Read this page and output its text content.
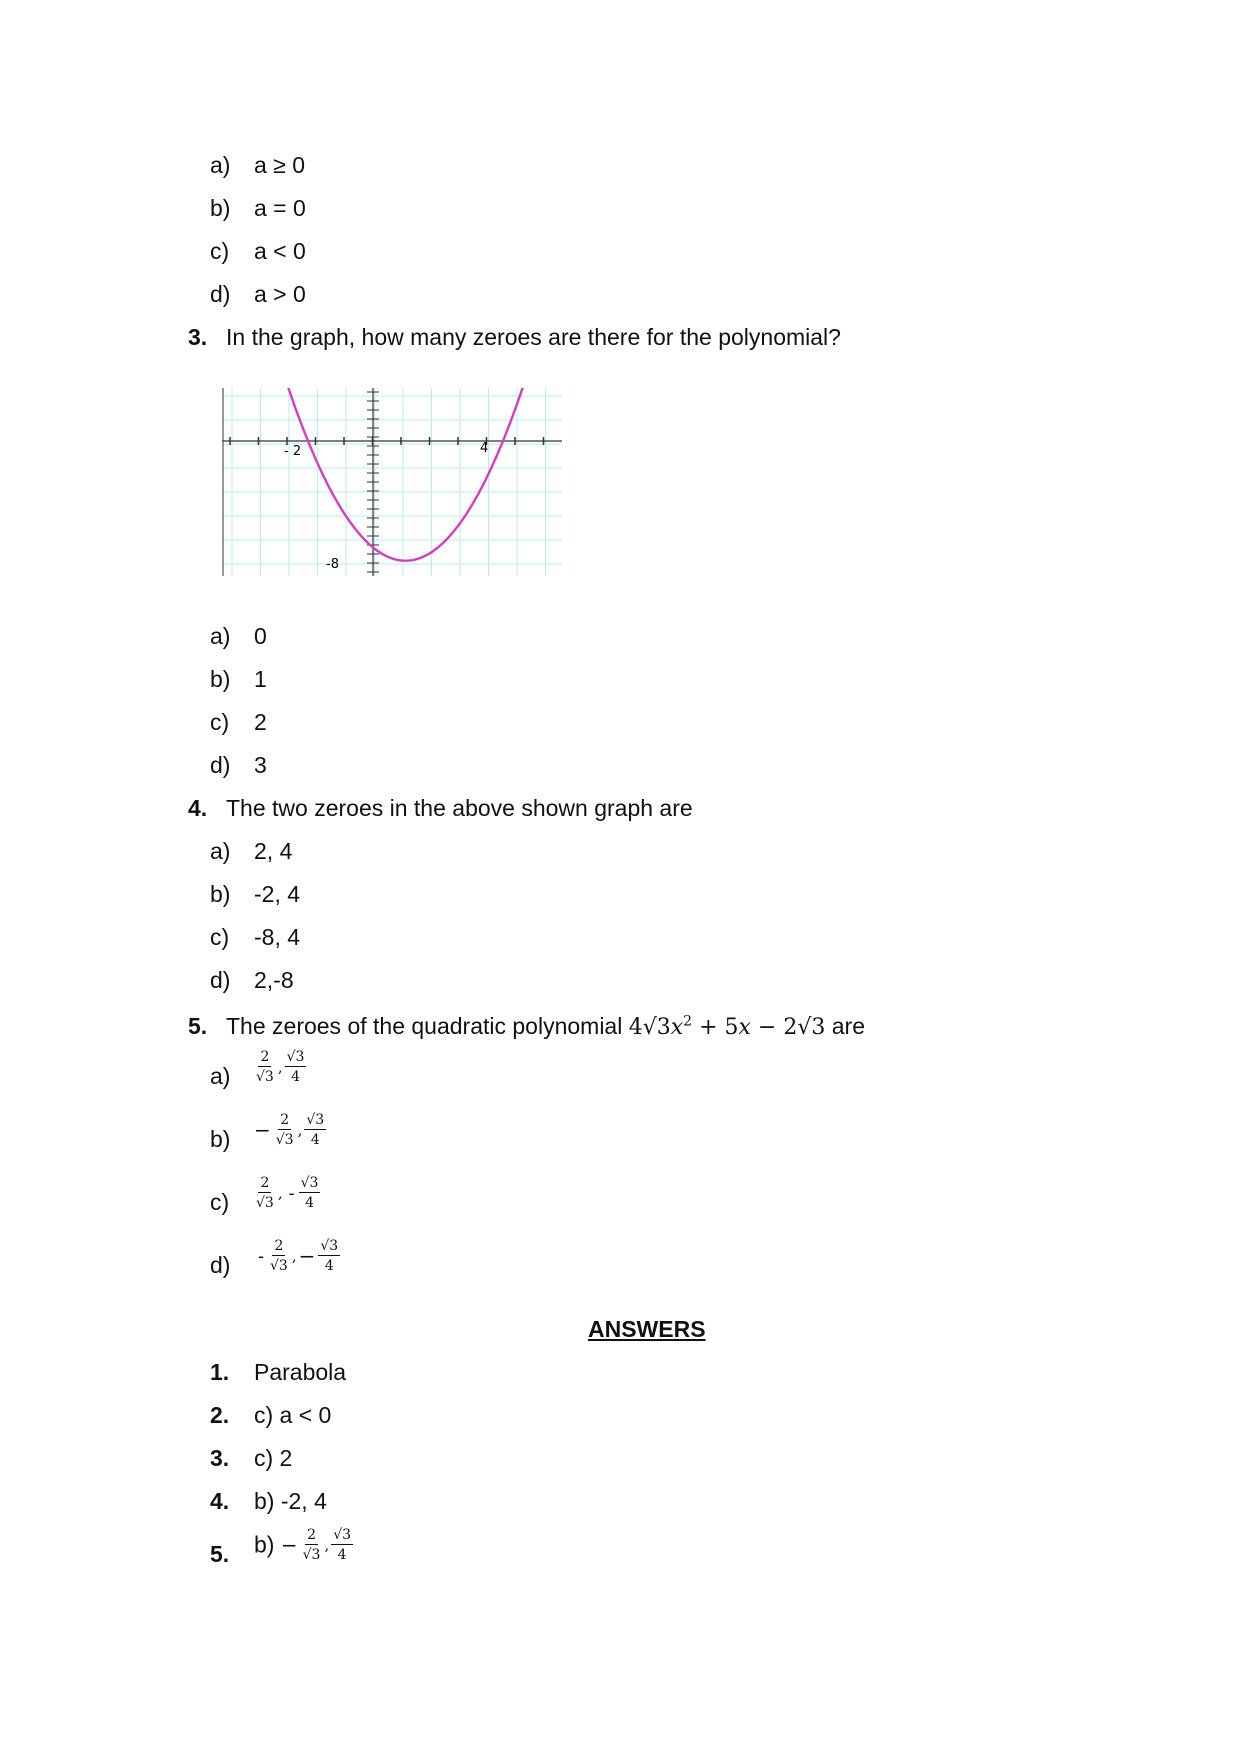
a) a ≥ 0
b) a = 0
c) a < 0
d) a > 0
3. In the graph, how many zeroes are there for the polynomial?
- 2	4
-8
a) 0
b) 1
c) 2
d) 3
4. The two zeroes in the above shown graph are
a) 2, 4
b) -2, 4
c) -8, 4
d) 2,-8
5. The zeroes of the quadratic polynomial $4√3x^2 + 5x - 2√3$ are
$a) \frac{2}{√3}$ , $\frac{√3}{4}$
$b) - \frac{2}{√3}$ , $\frac{√3}{4}$
$c) \frac{2}{√3}$ , - $\frac{√3}{4}$
$d) - \frac{2}{√3}$ , − $\frac{√3}{4}$
ANSWERS
1. Parabola
2. c) a < 0
3. c) 2
4. b) -2, 4
5. $b) - \frac{2}{√3}$ , $\frac{√3}{4}$
